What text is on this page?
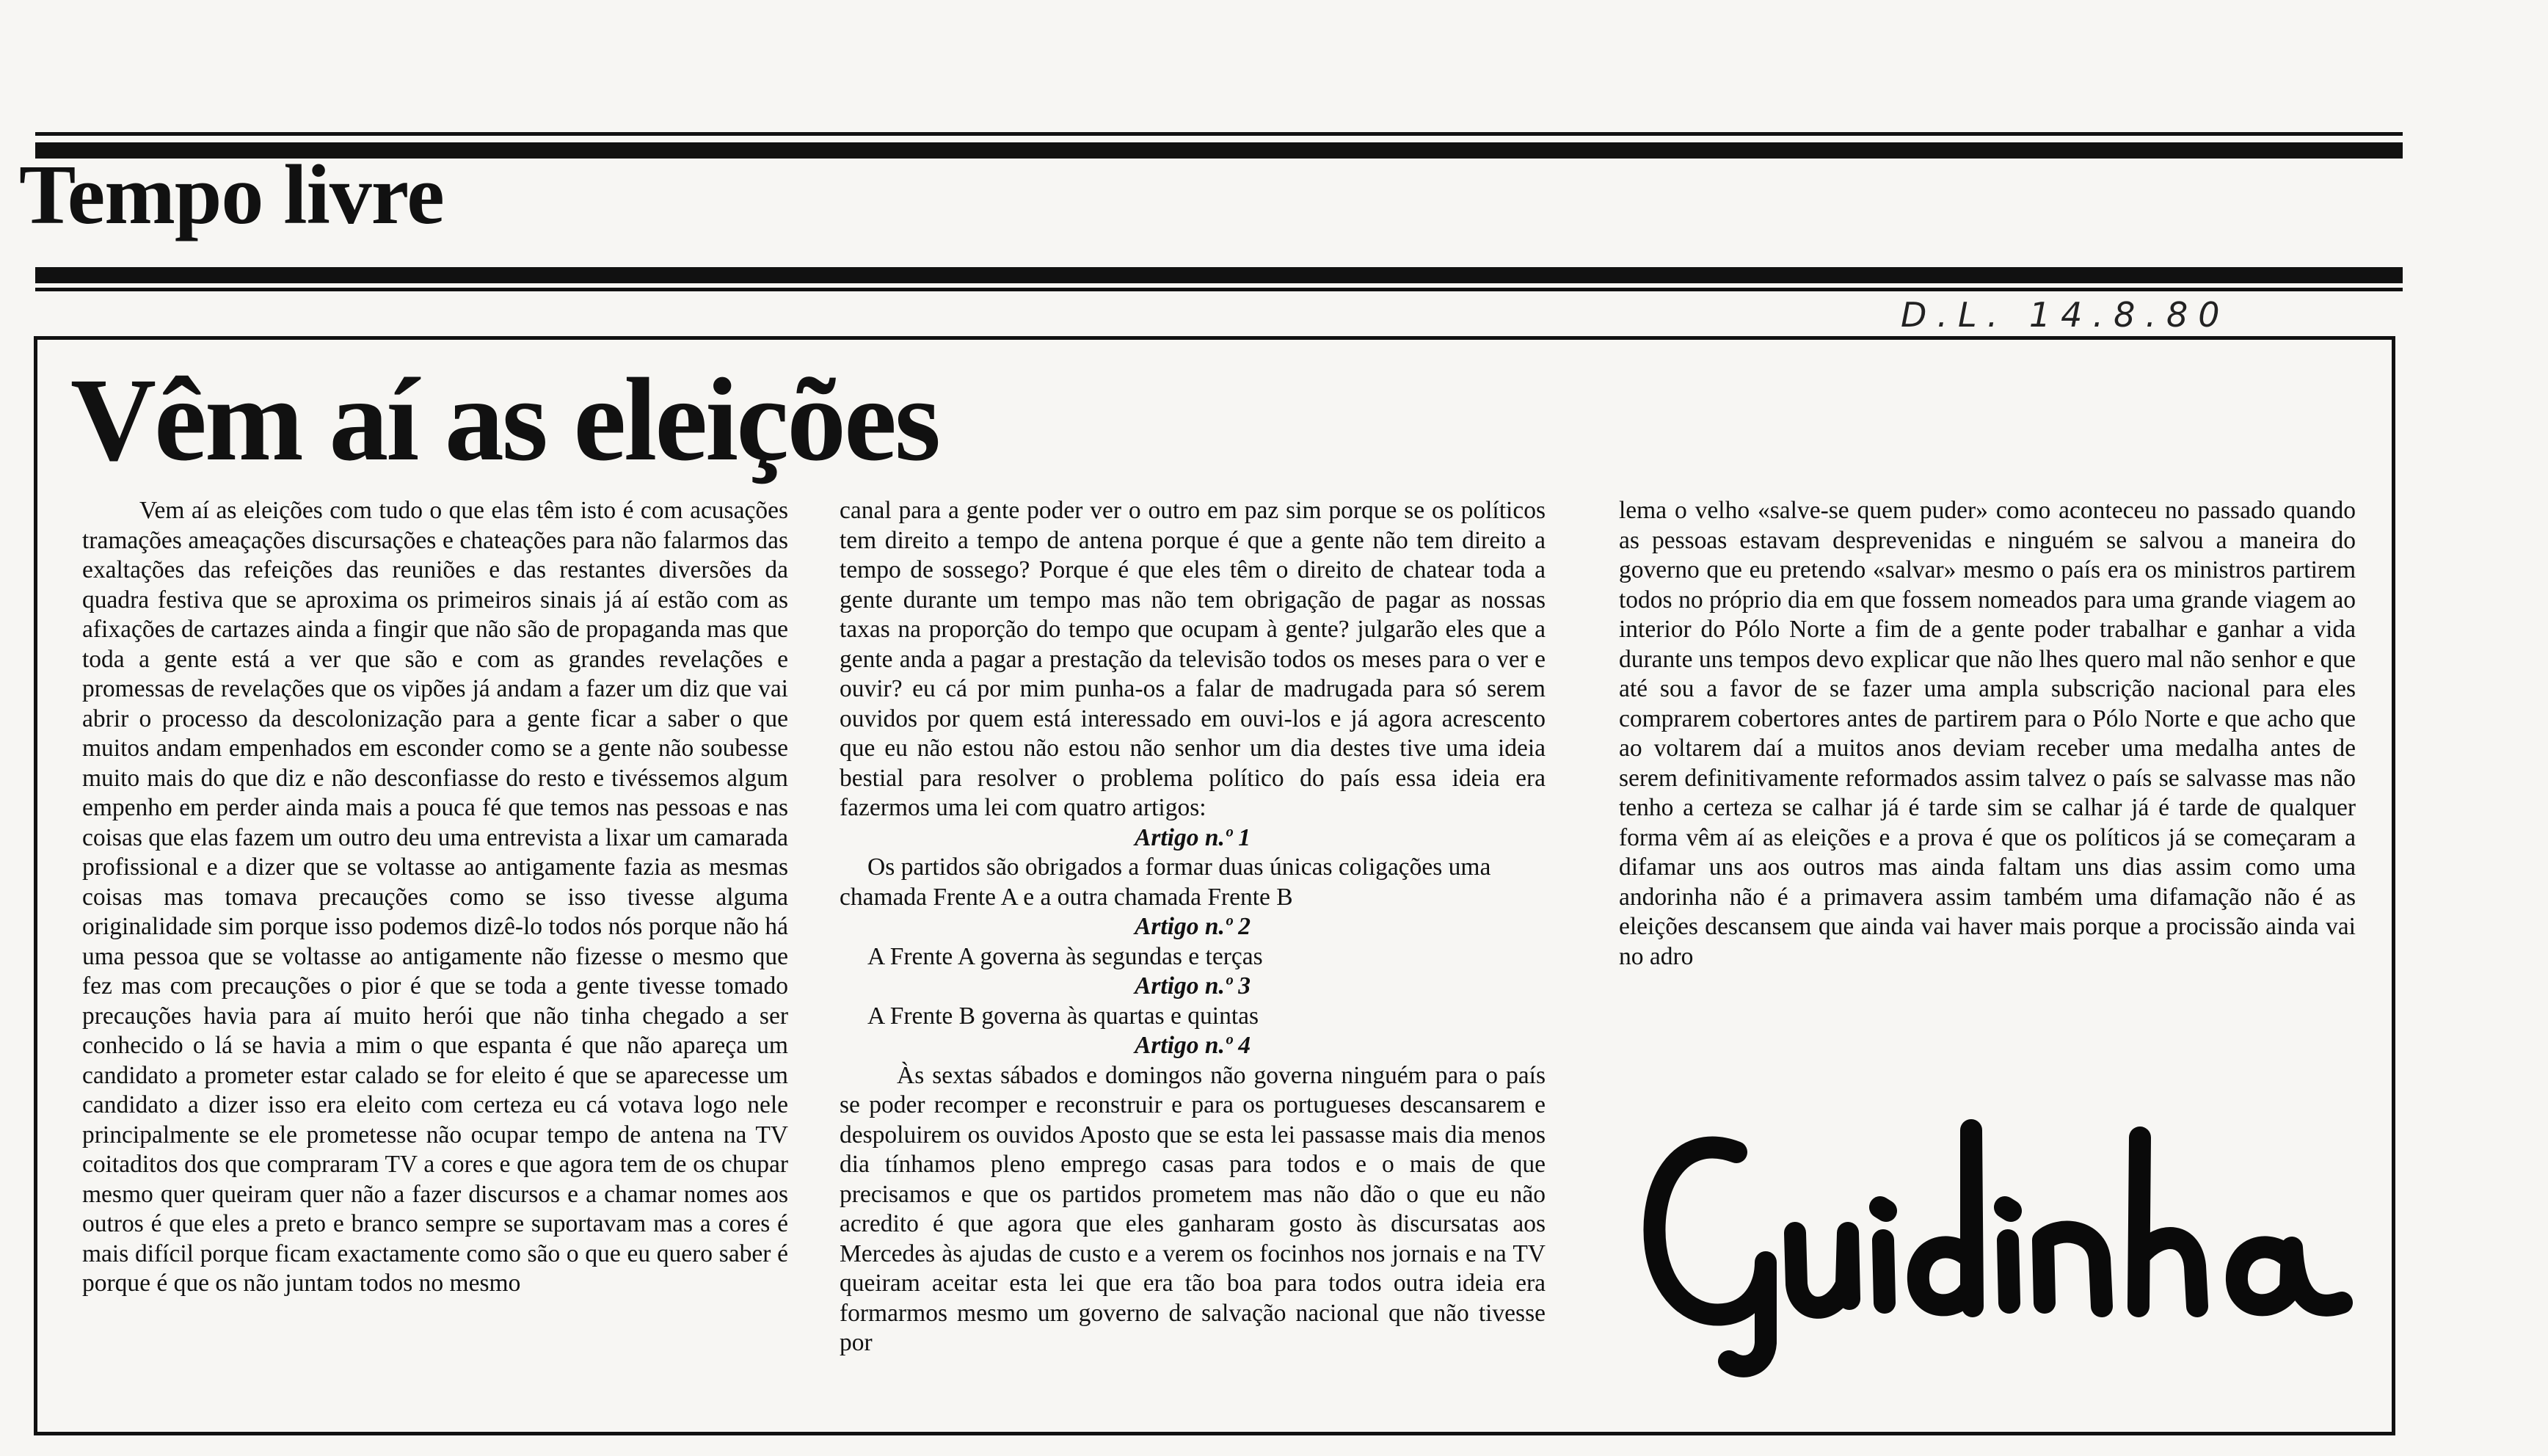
Tempo livre
D.L. 14.8.80
Vêm aí as eleições

Vem aí as eleições com tudo o que elas têm isto é com acusações tramações ameaçações discursações e chateações para não falarmos das exaltações das refeições das reuniões e das restantes diversões da quadra festiva que se aproxima os primeiros sinais já aí estão com as afixações de cartazes ainda a fingir que não são de propaganda mas que toda a gente está a ver que são e com as grandes revelações e promessas de revelações que os vipões já andam a fazer um diz que vai abrir o processo da descolonização para a gente ficar a saber o que muitos andam empenhados em esconder como se a gente não soubesse muito mais do que diz e não desconfiasse do resto e tivéssemos algum empenho em perder ainda mais a pouca fé que temos nas pessoas e nas coisas que elas fazem um outro deu uma entrevista a lixar um camarada profissional e a dizer que se voltasse ao antigamente fazia as mesmas coisas mas tomava precauções como se isso tivesse alguma originalidade sim porque isso podemos dizê-lo todos nós porque não há uma pessoa que se voltasse ao antigamente não fizesse o mesmo que fez mas com precauções o pior é que se toda a gente tivesse tomado precauções havia para aí muito herói que não tinha chegado a ser conhecido o lá se havia a mim o que espanta é que não apareça um candidato a prometer estar calado se for eleito é que se aparecesse um candidato a dizer isso era eleito com certeza eu cá votava logo nele principalmente se ele prometesse não ocupar tempo de antena na TV coitaditos dos que compraram TV a cores e que agora tem de os chupar mesmo quer queiram quer não a fazer discursos e a chamar nomes aos outros é que eles a preto e branco sempre se suportavam mas a cores é mais difícil porque ficam exactamente como são o que eu quero saber é porque é que os não juntam todos no mesmo

canal para a gente poder ver o outro em paz sim porque se os políticos tem direito a tempo de antena porque é que a gente não tem direito a tempo de sossego? Porque é que eles têm o direito de chatear toda a gente durante um tempo mas não tem obrigação de pagar as nossas taxas na proporção do tempo que ocupam à gente? julgarão eles que a gente anda a pagar a prestação da televisão todos os meses para o ver e ouvir? eu cá por mim punha-os a falar de madrugada para só serem ouvidos por quem está interessado em ouvi-los e já agora acrescento que eu não estou não estou não senhor um dia destes tive uma ideia bestial para resolver o problema político do país essa ideia era fazermos uma lei com quatro artigos:

Artigo n.º 1

Os partidos são obrigados a formar duas únicas coligações uma chamada Frente A e a outra chamada Frente B

Artigo n.º 2

A Frente A governa às segundas e terças

Artigo n.º 3

A Frente B governa às quartas e quintas

Artigo n.º 4

Às sextas sábados e domingos não governa ninguém para o país se poder recomper e reconstruir e para os portugueses descansarem e despoluirem os ouvidos Aposto que se esta lei passasse mais dia menos dia tínhamos pleno emprego casas para todos e o mais de que precisamos e que os partidos prometem mas não dão o que eu não acredito é que agora que eles ganharam gosto às discursatas aos Mercedes às ajudas de custo e a verem os focinhos nos jornais e na TV queiram aceitar esta lei que era tão boa para todos outra ideia era formarmos mesmo um governo de salvação nacional que não tivesse por

lema o velho «salve-se quem puder» como aconteceu no passado quando as pessoas estavam desprevenidas e ninguém se salvou a maneira do governo que eu pretendo «salvar» mesmo o país era os ministros partirem todos no próprio dia em que fossem nomeados para uma grande viagem ao interior do Pólo Norte a fim de a gente poder trabalhar e ganhar a vida durante uns tempos devo explicar que não lhes quero mal não senhor e que até sou a favor de se fazer uma ampla subscrição nacional para eles comprarem cobertores antes de partirem para o Pólo Norte e que acho que ao voltarem daí a muitos anos deviam receber uma medalha antes de serem definitivamente reformados assim talvez o país se salvasse mas não tenho a certeza se calhar já é tarde sim se calhar já é tarde de qualquer forma vêm aí as eleições e a prova é que os políticos já se começaram a difamar uns aos outros mas ainda faltam uns dias assim como uma andorinha não é a primavera assim também uma difamação não é as eleições descansem que ainda vai haver mais porque a procissão ainda vai no adro
